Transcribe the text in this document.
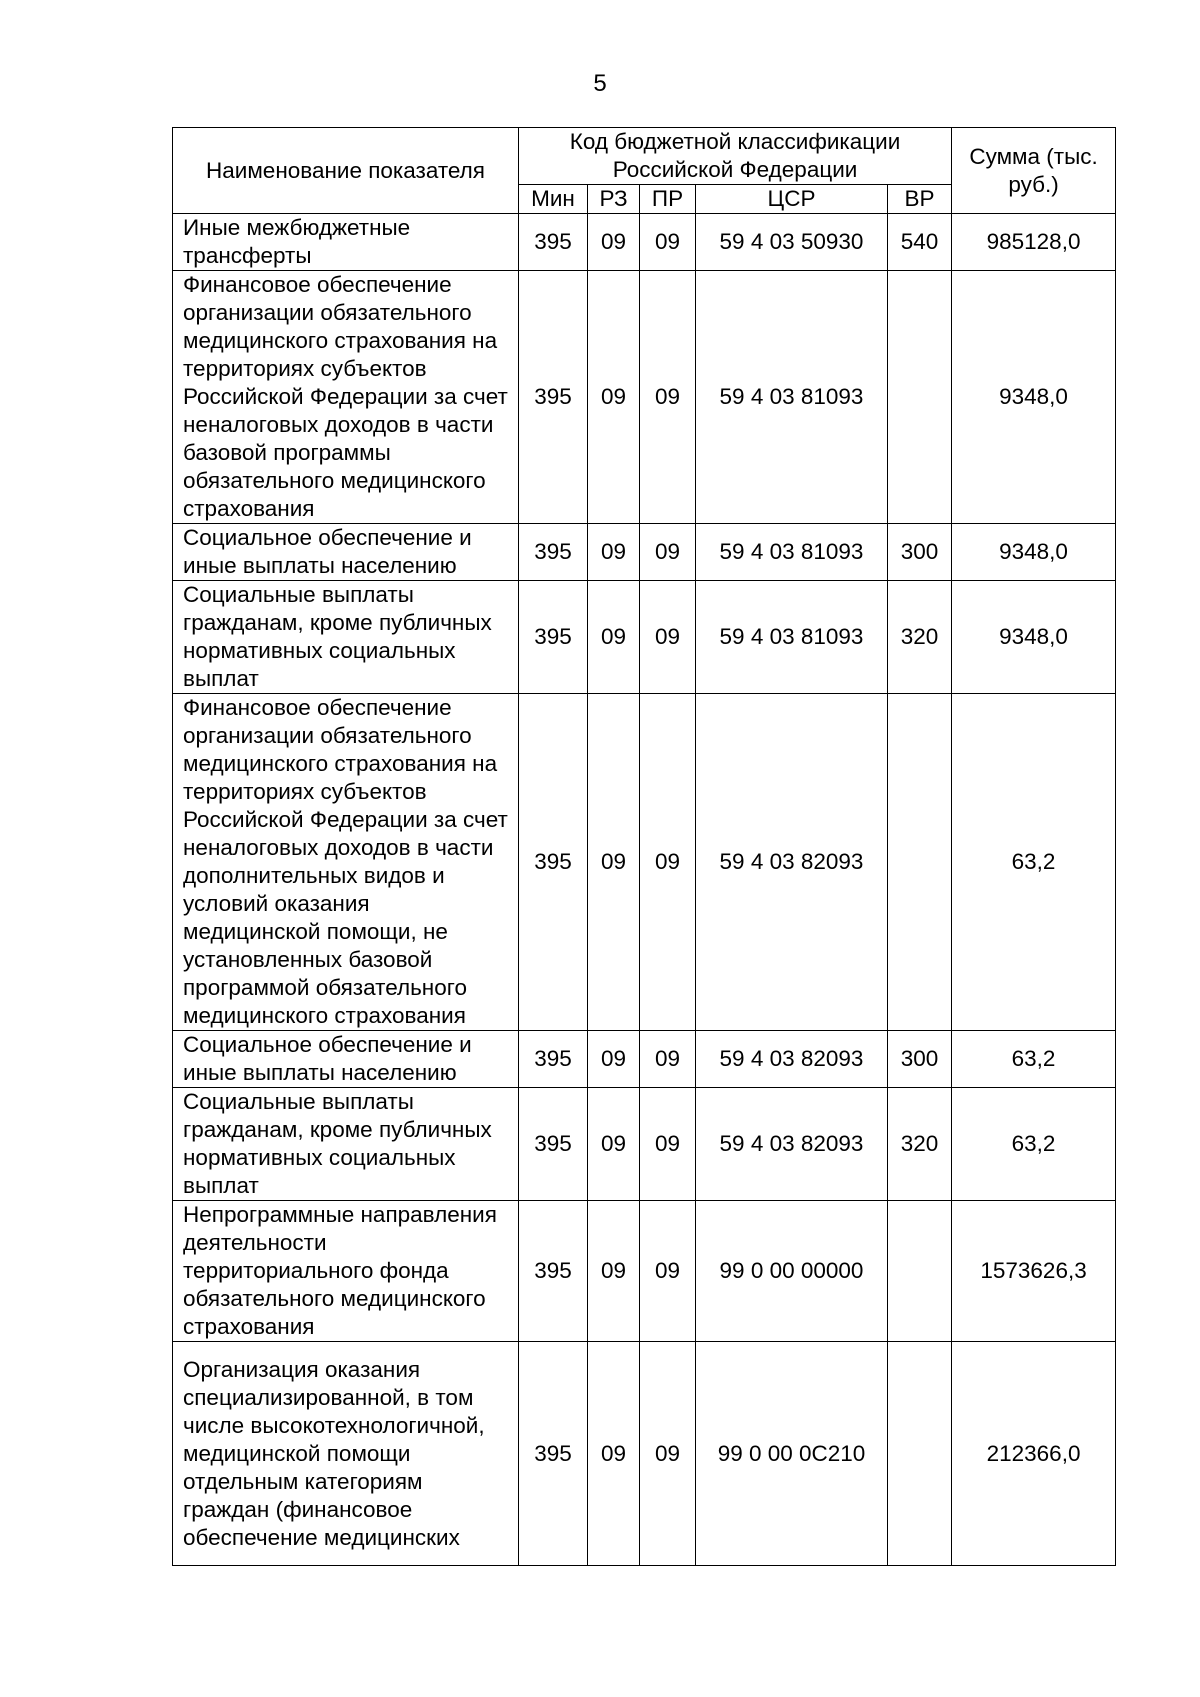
5
Наименование показателя	Код бюджетной классификации Российской Федерации					Сумма (тыс. руб.)
	Мин	РЗ	ПР	ЦСР	ВР	
Иные межбюджетные трансферты	395	09	09	59 4 03 50930	540	985128,0
Финансовое обеспечение организации обязательного медицинского страхования на территориях субъектов Российской Федерации за счет неналоговых доходов в части базовой программы обязательного медицинского страхования	395	09	09	59 4 03 81093		9348,0
Социальное обеспечение и иные выплаты населению	395	09	09	59 4 03 81093	300	9348,0
Социальные выплаты гражданам, кроме публичных нормативных социальных выплат	395	09	09	59 4 03 81093	320	9348,0
Финансовое обеспечение организации обязательного медицинского страхования на территориях субъектов Российской Федерации за счет неналоговых доходов в части дополнительных видов и условий оказания медицинской помощи, не установленных базовой программой обязательного медицинского страхования	395	09	09	59 4 03 82093		63,2
Социальное обеспечение и иные выплаты населению	395	09	09	59 4 03 82093	300	63,2
Социальные выплаты гражданам, кроме публичных нормативных социальных выплат	395	09	09	59 4 03 82093	320	63,2
Непрограммные направления деятельности территориального фонда обязательного медицинского страхования	395	09	09	99 0 00 00000		1573626,3
Организация оказания специализированной, в том числе высокотехнологичной, медицинской помощи отдельным категориям граждан (финансовое обеспечение медицинских	395	09	09	99 0 00 0С210		212366,0
